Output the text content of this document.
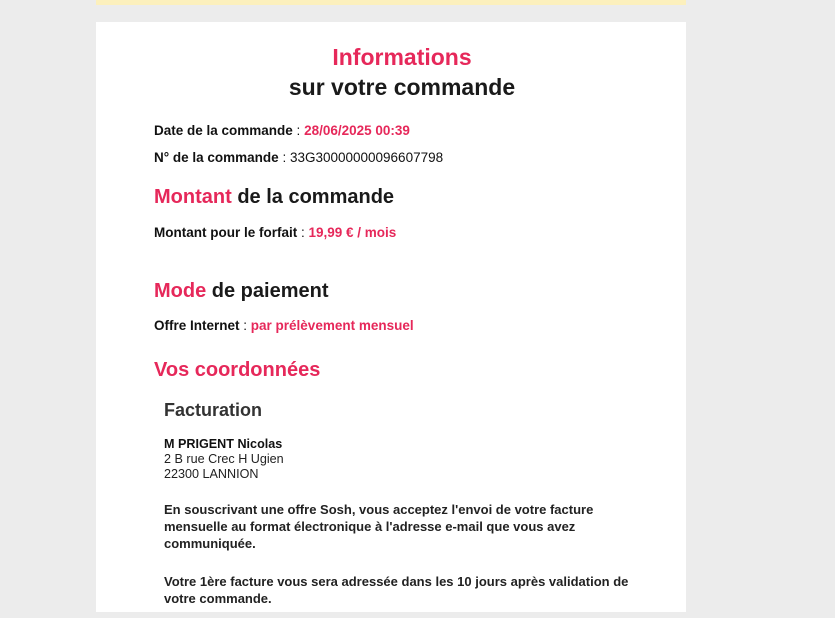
Informations
sur votre commande
Date de la commande : 28/06/2025 00:39
N° de la commande : 33G30000000096607798
Montant de la commande
Montant pour le forfait : 19,99 € / mois
Mode de paiement
Offre Internet : par prélèvement mensuel
Vos coordonnées
Facturation
M PRIGENT Nicolas
2 B rue Crec H Ugien
22300 LANNION
En souscrivant une offre Sosh, vous acceptez l'envoi de votre facture mensuelle au format électronique à l'adresse e-mail que vous avez communiquée.
Votre 1ère facture vous sera adressée dans les 10 jours après validation de votre commande.
